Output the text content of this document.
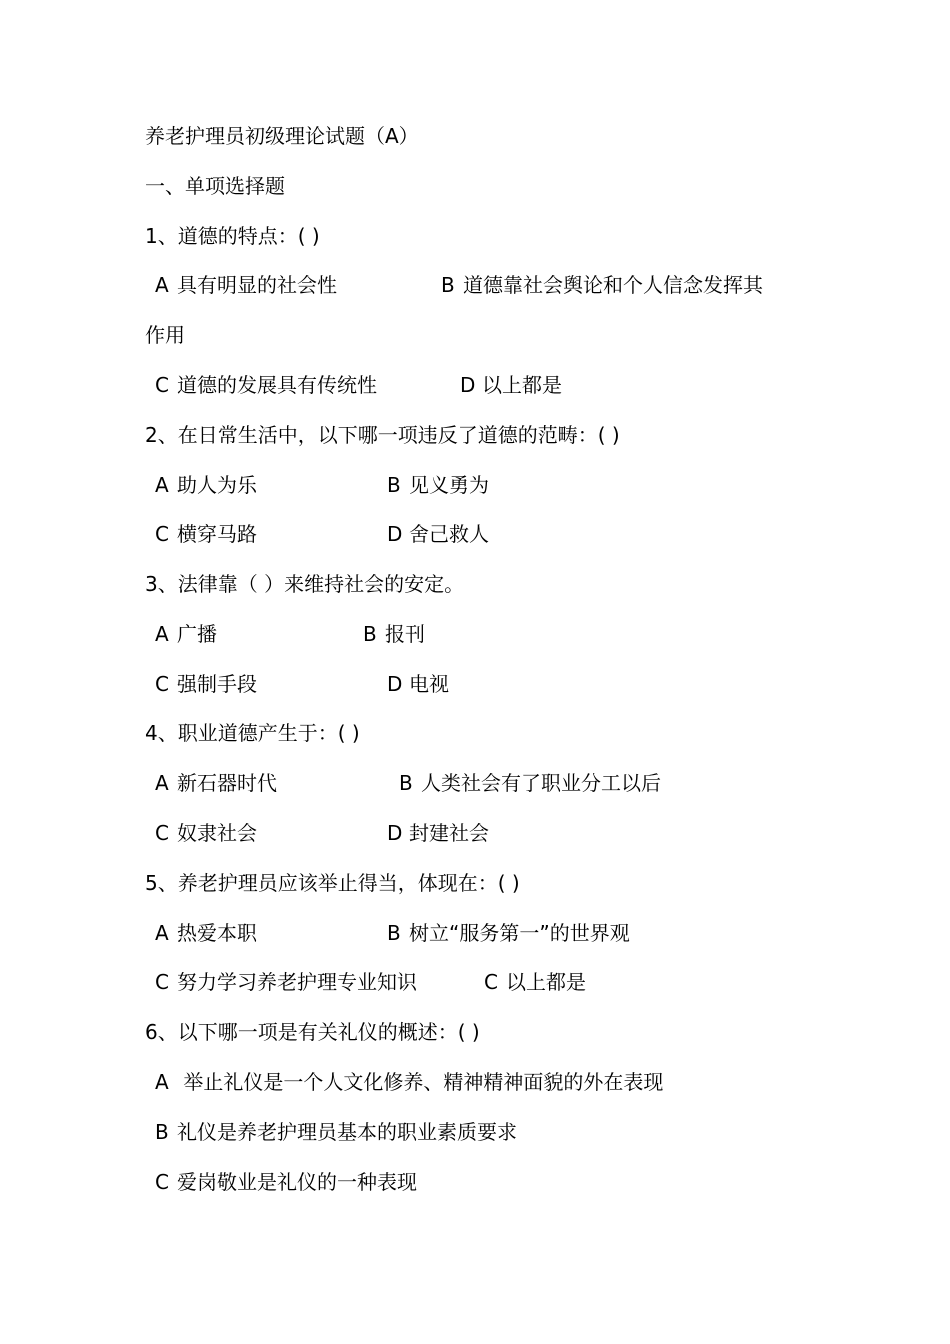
养老护理员初级理论试题（A）
一、单项选择题
1、道德的特点：( )
A 具有明显的社会性	B 道德靠社会舆论和个人信念发挥其
作用
C 道德的发展具有传统性	D 以上都是
2、在日常生活中，以下哪一项违反了道德的范畴：( )
A 助人为乐	B 见义勇为
C 横穿马路	D 舍己救人
3、法律靠（ ）来维持社会的安定。
A 广播	B 报刊
C 强制手段	D 电视
4、职业道德产生于：( )
A 新石器时代	B 人类社会有了职业分工以后
C 奴隶社会	D 封建社会
5、养老护理员应该举止得当，体现在：( )
A 热爱本职	B 树立“服务第一”的世界观
C 努力学习养老护理专业知识	C 以上都是
6、以下哪一项是有关礼仪的概述：( )
A 举止礼仪是一个人文化修养、精神精神面貌的外在表现
B 礼仪是养老护理员基本的职业素质要求
C 爱岗敬业是礼仪的一种表现
